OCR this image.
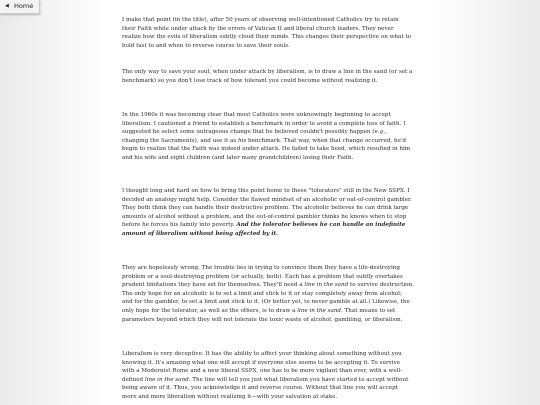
◀ Home

I make that point (in the title), after 50 years of observing well-intentioned Catholics try to retain their Faith while under attack by the errors of Vatican II and liberal church leaders. They never realize how the evils of liberalism subtly cloud their minds. This changes their perspective on what to hold fast to and when to reverse course to save their souls.

The only way to save your soul, when under attack by liberalism, is to draw a line in the sand (or set a benchmark) so you don't lose track of how tolerant you could become without realizing it.

In the 1960s it was becoming clear that most Catholics were unknowingly beginning to accept liberalism. I cautioned a friend to establish a benchmark in order to avoid a complete loss of faith. I suggested he select some outrageous change that he believed couldn't possibly happen (e.g., changing the Sacraments), and use it as his benchmark. That way, when that change occurred, he'd begin to realize that the Faith was indeed under attack. He failed to take heed, which resulted in him and his wife and eight children (and later many grandchildren) losing their Faith.

I thought long and hard on how to bring this point home to these "tolerators" still in the New SSPX. I decided an analogy might help. Consider the flawed mindset of an alcoholic or out-of-control gambler. They both think they can handle their destructive problem. The alcoholic believes he can drink large amounts of alcohol without a problem, and the out-of-control gambler thinks he knows when to stop before he forces his family into poverty. And the tolerator believes he can handle an indefinite amount of liberalism without being affected by it.

They are hopelessly wrong. The trouble lies in trying to convince them they have a life-destroying problem or a soul-destroying problem (or actually, both). Each has a problem that subtly overtakes prudent limitations they have set for themselves. They'll need a line in the sand to survive destruction. The only hope for an alcoholic is to set a limit and stick to it or stay completely away from alcohol; and for the gambler, to set a limit and stick to it. (Or better yet, to never gamble at all.) Likewise, the only hope for the tolerator, as well as the others, is to draw a line in the sand. That means to set parameters beyond which they will not tolerate the toxic waste of alcohol, gambling, or liberalism.

Liberalism is very deceptive. It has the ability to affect your thinking about something without you knowing it. It's amazing what one will accept if everyone else seems to be accepting it. To survive with a Modernist Rome and a new liberal SSPX, one has to be more vigilant than ever, with a well-defined line in the sand. The line will tell you just what liberalism you have started to accept without being aware of it. Thus, you acknowledge it and reverse course. Without that line you will accept more and more liberalism without realizing it—with your salvation at stake.
